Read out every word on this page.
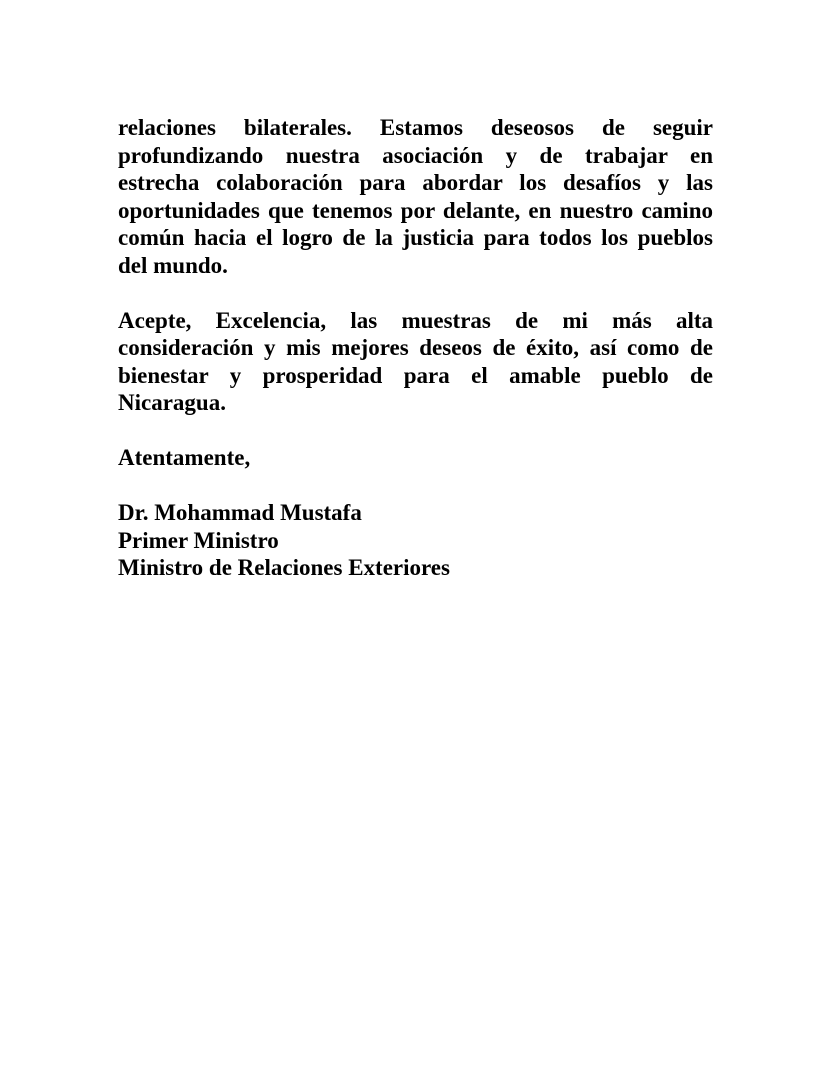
relaciones bilaterales. Estamos deseosos de seguir
profundizando nuestra asociación y de trabajar en
estrecha colaboración para abordar los desafíos y las
oportunidades que tenemos por delante, en nuestro camino
común hacia el logro de la justicia para todos los pueblos
del mundo.
Acepte, Excelencia, las muestras de mi más alta
consideración y mis mejores deseos de éxito, así como de
bienestar y prosperidad para el amable pueblo de
Nicaragua.
Atentamente,
Dr. Mohammad Mustafa
Primer Ministro
Ministro de Relaciones Exteriores
